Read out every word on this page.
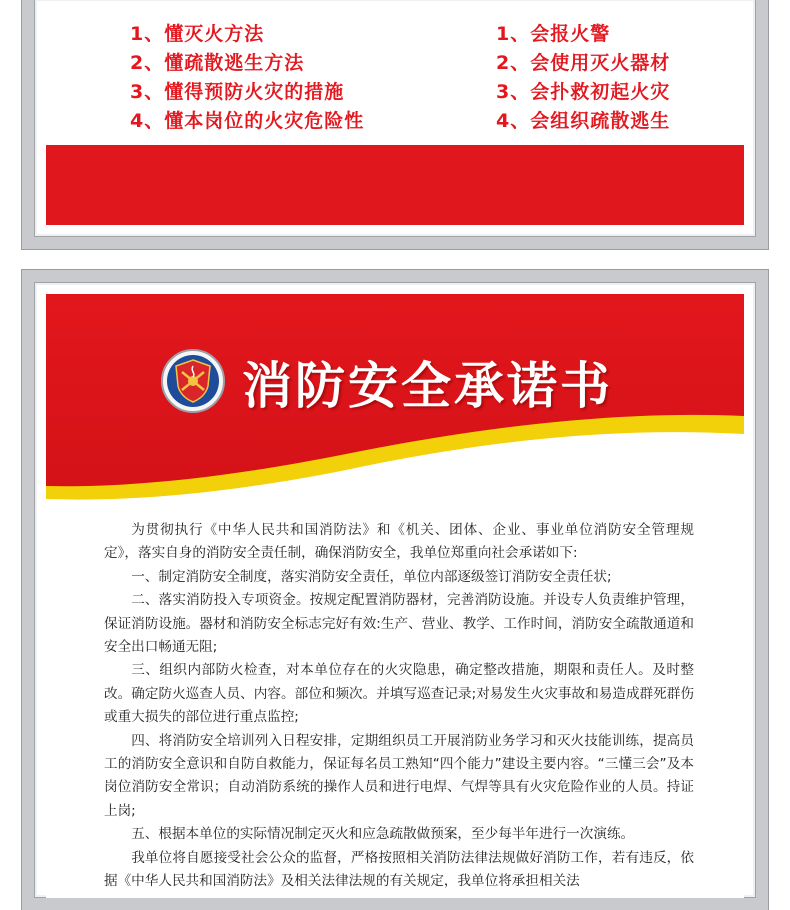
1、懂灭火方法
2、懂疏散逃生方法
3、懂得预防火灾的措施
4、懂本岗位的火灾危险性
1、会报火警
2、会使用灭火器材
3、会扑救初起火灾
4、会组织疏散逃生
消防安全承诺书

为贯彻执行《中华人民共和国消防法》和《机关、团体、企业、事业单位消防安全管理规定》，落实自身的消防安全责任制，确保消防安全，我单位郑重向社会承诺如下:

一、制定消防安全制度，落实消防安全责任，单位内部逐级签订消防安全责任状;

二、落实消防投入专项资金。按规定配置消防器材，完善消防设施。并设专人负责维护管理，保证消防设施。器材和消防安全标志完好有效:生产、营业、教学、工作时间，消防安全疏散通道和安全出口畅通无阻;

三、组织内部防火检查，对本单位存在的火灾隐患，确定整改措施，期限和责任人。及时整改。确定防火巡查人员、内容。部位和频次。并填写巡查记录;对易发生火灾事故和易造成群死群伤或重大损失的部位进行重点监控;

四、将消防安全培训列入日程安排，定期组织员工开展消防业务学习和灭火技能训练，提高员工的消防安全意识和自防自救能力，保证每名员工熟知“四个能力”建设主要内容。“三懂三会”及本岗位消防安全常识；自动消防系统的操作人员和进行电焊、气焊等具有火灾危险作业的人员。持证上岗;

五、根据本单位的实际情况制定灭火和应急疏散做预案，至少每半年进行一次演练。

我单位将自愿接受社会公众的监督，严格按照相关消防法律法规做好消防工作，若有违反，依据《中华人民共和国消防法》及相关法律法规的有关规定，我单位将承担相关法
